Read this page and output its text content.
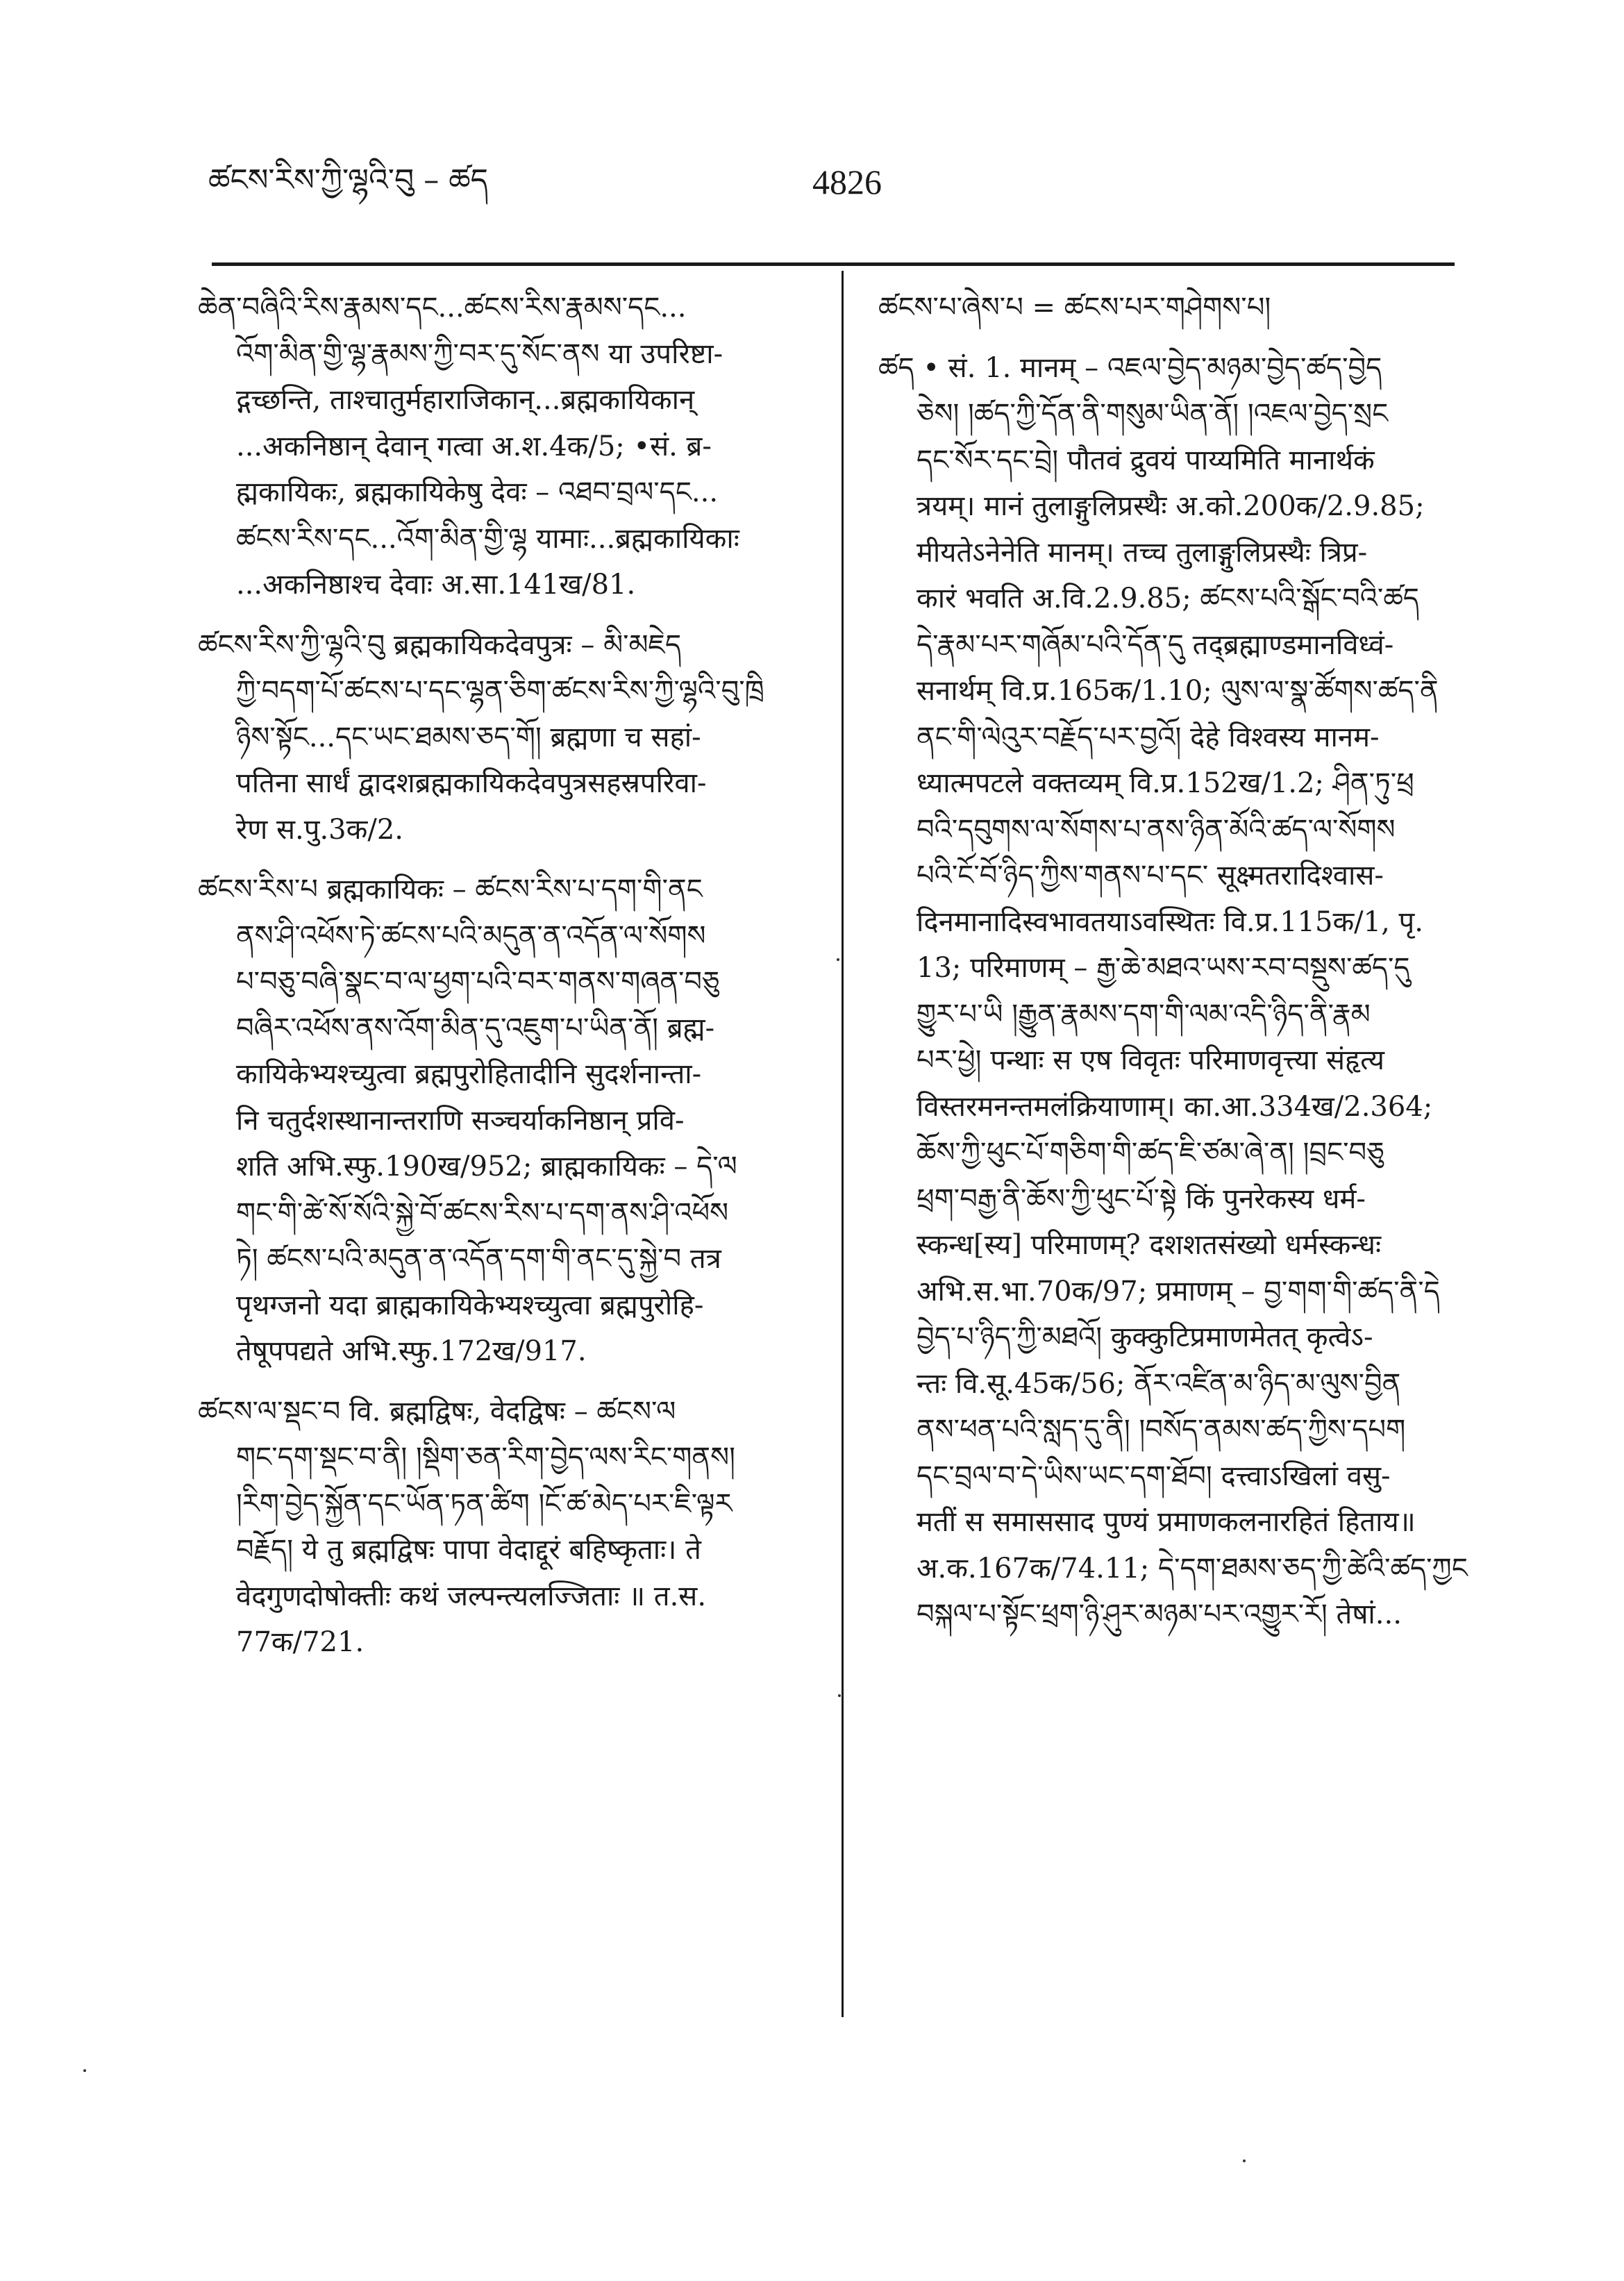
ཚངས་རིས་ཀྱི་ལྷའི་བུ – ཚད	4826
ཆེན་བཞིའི་རིས་རྣམས་དང...ཚངས་རིས་རྣམས་དང...
འོག་མིན་གྱི་ལྷ་རྣམས་ཀྱི་བར་དུ་སོང་ནས या उपरिष्टा-
द्गच्छन्ति, ताश्चातुर्महाराजिकान्...ब्रह्मकायिकान्
...अकनिष्ठान् देवान् गत्वा अ.श.4क/5; •सं. ब्र-
ह्मकायिकः, ब्रह्मकायिकेषु देवः – འཐབ་བྲལ་དང...
ཚངས་རིས་དང...འོག་མིན་གྱི་ལྷ यामाः...ब्रह्मकायिकाः
...अकनिष्ठाश्च देवाः अ.सा.141ख/81.
ཚངས་རིས་ཀྱི་ལྷའི་བུ ब्रह्मकायिकदेवपुत्रः – མི་མཇེད
ཀྱི་བདག་པོ་ཚངས་པ་དང་ལྷན་ཅིག་ཚངས་རིས་ཀྱི་ལྷའི་བུ་ཁྲི
ཉིས་སྟོང...དང་ཡང་ཐམས་ཅད་གོ། ब्रह्मणा च सहां-
पतिना सार्धं द्वादशब्रह्मकायिकदेवपुत्रसहस्रपरिवा-
रेण स.पु.3क/2.
ཚངས་རིས་པ ब्रह्मकायिकः – ཚངས་རིས་པ་དག་གི་ནང
ནས་ཤི་འཕོས་ཏེ་ཚངས་པའི་མདུན་ན་འདོན་ལ་སོགས
པ་བཅུ་བཞི་སྣང་བ་ལ་ཕྱག་པའི་བར་གནས་གཞན་བཅུ
བཞིར་འཕོས་ནས་འོག་མིན་དུ་འཇུག་པ་ཡིན་ནོ། ब्रह्म-
कायिकेभ्यश्च्युत्वा ब्रह्मपुरोहितादीनि सुदर्शनान्ता-
नि चतुर्दशस्थानान्तराणि सञ्चर्याकनिष्ठान् प्रवि-
शति अभि.स्फु.190ख/952; ब्राह्मकायिकः – དེ་ལ
གང་གི་ཚེ་སོ་སོའི་སྐྱེ་བོ་ཚངས་རིས་པ་དག་ནས་ཤི་འཕོས
ཏེ། ཚངས་པའི་མདུན་ན་འདོན་དག་གི་ནང་དུ་སྐྱེ་བ तत्र
पृथग्जनो यदा ब्राह्मकायिकेभ्यश्च्युत्वा ब्रह्मपुरोहि-
तेषूपपद्यते अभि.स्फु.172ख/917.
ཚངས་ལ་སྡང་བ वि. ब्रह्मद्विषः, वेदद्विषः – ཚངས་ལ
གང་དག་སྡང་བ་ནི། །སྡིག་ཅན་རིག་བྱེད་ལས་རིང་གནས།
།རིག་བྱེད་སྐྱོན་དང་ཡོན་ཏན་ཚིག །ངོ་ཚ་མེད་པར་ཇི་ལྟར
བརྗོད། ये तु ब्रह्मद्विषः पापा वेदाद्दूरं बहिष्कृताः। ते
वेदगुणदोषोक्तीः कथं जल्पन्त्यलज्जिताः ॥ त.स.
77क/721.
ཚངས་པ་ཞེས་པ = ཚངས་པར་གཤེགས་པ།
ཚད • सं. 1. मानम् – འཇལ་བྱེད་མཉམ་བྱེད་ཚད་བྱེད
ཅེས། །ཚད་ཀྱི་དོན་ནི་གསུམ་ཡིན་ནོ། །འཇལ་བྱེད་སྲང
དང་སོར་དང་བྲེ། पौतवं द्रुवयं पाय्यमिति मानार्थकं
त्रयम्। मानं तुलाङ्गुलिप्रस्थैः अ.को.200क/2.9.85;
मीयतेऽनेनेति मानम्। तच्च तुलाङ्गुलिप्रस्थैः त्रिप्र-
कारं भवति अ.वि.2.9.85; ཚངས་པའི་སྒོང་བའི་ཚད
དེ་རྣམ་པར་གཞོམ་པའི་དོན་དུ तद्ब्रह्माण्डमानविध्वं-
सनार्थम् वि.प्र.165क/1.10; ལུས་ལ་སྣ་ཚོགས་ཚད་ནི
ནང་གི་ལེའུར་བརྗོད་པར་བྱའོ། देहे विश्वस्य मानम-
ध्यात्मपटले वक्तव्यम् वि.प्र.152ख/1.2; ཤིན་ཏུ་ཕྲ
བའི་དབུགས་ལ་སོགས་པ་ནས་ཉིན་མོའི་ཚད་ལ་སོགས
པའི་ངོ་བོ་ཉིད་ཀྱིས་གནས་པ་དང་ सूक्ष्मतरादिश्वास-
दिनमानादिस्वभावतयाऽवस्थितः वि.प्र.115क/1, पृ.
13; परिमाणम् – རྒྱ་ཆེ་མཐའ་ཡས་རབ་བསྡུས་ཚད་དུ
གྱུར་པ་ཡི །རྒྱུན་རྣམས་དག་གི་ལམ་འདི་ཉིད་ནི་རྣམ
པར་ཕྱེ། पन्थाः स एष विवृतः परिमाणवृत्त्या संहृत्य
विस्तरमनन्तमलंक्रियाणाम्। का.आ.334ख/2.364;
ཆོས་ཀྱི་ཕུང་པོ་གཅིག་གི་ཚད་ཇི་ཙམ་ཞེ་ན། །བྲང་བཅུ
ཕྲག་བརྒྱ་ནི་ཆོས་ཀྱི་ཕུང་པོ་སྟེ किं पुनरेकस्य धर्म-
स्कन्ध[स्य] परिमाणम्? दशशतसंख्यो धर्मस्कन्धः
अभि.स.भा.70क/97; प्रमाणम् – བྱ་གག་གི་ཚད་ནི་དེ
བྱེད་པ་ཉིད་ཀྱི་མཐའོ། कुक्कुटिप्रमाणमेतत् कृत्वेऽ-
न्तः वि.सू.45क/56; ནོར་འཛིན་མ་ཉིད་མ་ལུས་བྱིན
ནས་ཕན་པའི་སླད་དུ་ནི། །བསོད་ནམས་ཚད་ཀྱིས་དཔག
དང་བྲལ་བ་དེ་ཡིས་ཡང་དག་ཐོབ། दत्त्वाऽखिलां वसु-
मतीं स समाससाद पुण्यं प्रमाणकलनारहितं हिताय॥
अ.क.167क/74.11; དེ་དག་ཐམས་ཅད་ཀྱི་ཚེའི་ཚད་ཀྱང
བསྐལ་པ་སྟོང་ཕྲག་ཉི་ཤུར་མཉམ་པར་འགྱུར་རོ། तेषां...
